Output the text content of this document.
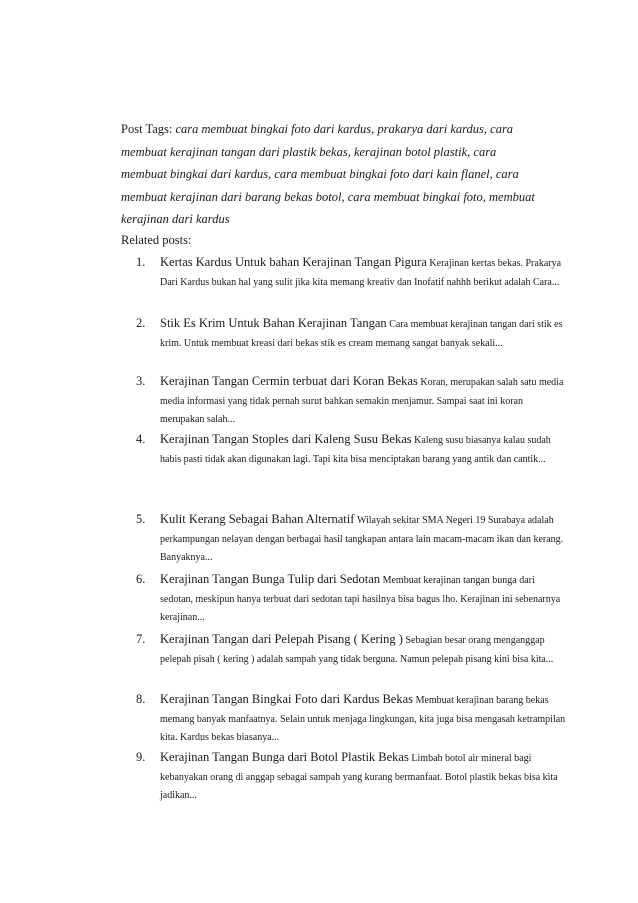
Post Tags: cara membuat bingkai foto dari kardus, prakarya dari kardus, cara membuat kerajinan tangan dari plastik bekas, kerajinan botol plastik, cara membuat bingkai dari kardus, cara membuat bingkai foto dari kain flanel, cara membuat kerajinan dari barang bekas botol, cara membuat bingkai foto, membuat kerajinan dari kardus

Related posts:

1. Kertas Kardus Untuk bahan Kerajinan Tangan Pigura Kerajinan kertas bekas. Prakarya Dari Kardus bukan hal yang sulit jika kita memang kreativ dan Inofatif nahhh berikut adalah Cara...
2. Stik Es Krim Untuk Bahan Kerajinan Tangan Cara membuat kerajinan tangan dari stik es krim. Untuk membuat kreasi dari bekas stik es cream memang sangat banyak sekali...
3. Kerajinan Tangan Cermin terbuat dari Koran Bekas Koran, merupakan salah satu media media informasi yang tidak pernah surut bahkan semakin menjamur. Sampai saat ini koran merupakan salah...
4. Kerajinan Tangan Stoples dari Kaleng Susu Bekas Kaleng susu biasanya kalau sudah habis pasti tidak akan digunakan lagi. Tapi kita bisa menciptakan barang yang antik dan cantik...
5. Kulit Kerang Sebagai Bahan Alternatif Wilayah sekitar SMA Negeri 19 Surabaya adalah perkampungan nelayan dengan berbagai hasil tangkapan antara lain macam-macam ikan dan kerang. Banyaknya...
6. Kerajinan Tangan Bunga Tulip dari Sedotan Membuat kerajinan tangan bunga dari sedotan, meskipun hanya terbuat dari sedotan tapi hasilnya bisa bagus lho. Kerajinan ini sebenarnya kerajinan...
7. Kerajinan Tangan dari Pelepah Pisang ( Kering ) Sebagian besar orang menganggap pelepah pisah ( kering ) adalah sampah yang tidak berguna. Namun pelepah pisang kini bisa kita...
8. Kerajinan Tangan Bingkai Foto dari Kardus Bekas Membuat kerajinan barang bekas memang banyak manfaatnya. Selain untuk menjaga lingkungan, kita juga bisa mengasah ketrampilan kita. Kardus bekas biasanya...
9. Kerajinan Tangan Bunga dari Botol Plastik Bekas Limbah botol air mineral bagi kebanyakan orang di anggap sebagai sampah yang kurang bermanfaat. Botol plastik bekas bisa kita jadikan...
